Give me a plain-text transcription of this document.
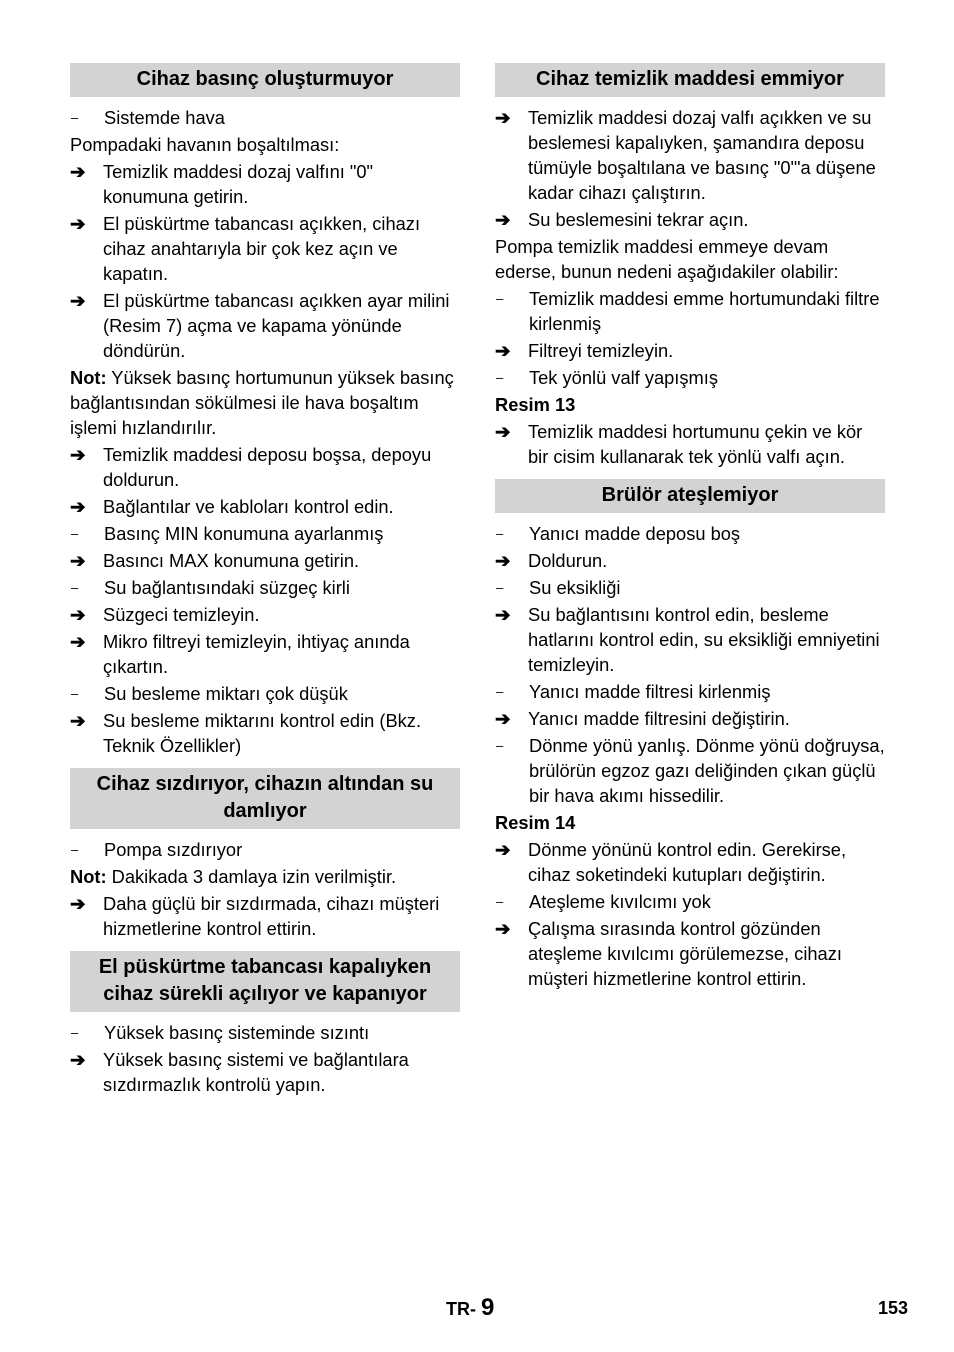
Cihaz basınç oluşturmuyor
–	Sistemde hava
Pompadaki havanın boşaltılması:
➔ Temizlik maddesi dozaj valfını "0" konumuna getirin.
➔ El püskürtme tabancası açıkken, cihazı cihaz anahtarıyla bir çok kez açın ve kapatın.
➔ El püskürtme tabancası açıkken ayar milini (Resim 7) açma ve kapama yönünde döndürün.
Not: Yüksek basınç hortumunun yüksek basınç bağlantısından sökülmesi ile hava boşaltım işlemi hızlandırılır.
➔ Temizlik maddesi deposu boşsa, depoyu doldurun.
➔ Bağlantılar ve kabloları kontrol edin.
–	Basınç MIN konumuna ayarlanmış
➔ Basıncı MAX konumuna getirin.
–	Su bağlantısındaki süzgeç kirli
➔ Süzgeci temizleyin.
➔ Mikro filtreyi temizleyin, ihtiyaç anında çıkartın.
–	Su besleme miktarı çok düşük
➔ Su besleme miktarını kontrol edin (Bkz. Teknik Özellikler)
Cihaz sızdırıyor, cihazın altından su damlıyor
–	Pompa sızdırıyor
Not: Dakikada 3 damlaya izin verilmiştir.
➔ Daha güçlü bir sızdırmada, cihazı müşteri hizmetlerine kontrol ettirin.
El püskürtme tabancası kapalıyken cihaz sürekli açılıyor ve kapanıyor
–	Yüksek basınç sisteminde sızıntı
➔ Yüksek basınç sistemi ve bağlantılara sızdırmazlık kontrolü yapın.
Cihaz temizlik maddesi emmiyor
➔ Temizlik maddesi dozaj valfı açıkken ve su beslemesi kapalıyken, şamandıra deposu tümüyle boşaltılana ve basınç "0"'a düşene kadar cihazı çalıştırın.
➔ Su beslemesini tekrar açın.
Pompa temizlik maddesi emmeye devam ederse, bunun nedeni aşağıdakiler olabilir:
–	Temizlik maddesi emme hortumundaki filtre kirlenmiş
➔ Filtreyi temizleyin.
–	Tek yönlü valf yapışmış
Resim 13
➔ Temizlik maddesi hortumunu çekin ve kör bir cisim kullanarak tek yönlü valfı açın.
Brülör ateşlemiyor
–	Yanıcı madde deposu boş
➔ Doldurun.
–	Su eksikliği
➔ Su bağlantısını kontrol edin, besleme hatlarını kontrol edin, su eksikliği emniyetini temizleyin.
–	Yanıcı madde filtresi kirlenmiş
➔ Yanıcı madde filtresini değiştirin.
–	Dönme yönü yanlış. Dönme yönü doğruysa, brülörün egzoz gazı deliğinden çıkan güçlü bir hava akımı hissedilir.
Resim 14
➔ Dönme yönünü kontrol edin. Gerekirse, cihaz soketindeki kutupları değiştirin.
–	Ateşleme kıvılcımı yok
➔ Çalışma sırasında kontrol gözünden ateşleme kıvılcımı görülemezse, cihazı müşteri hizmetlerine kontrol ettirin.
TR- 9	153
